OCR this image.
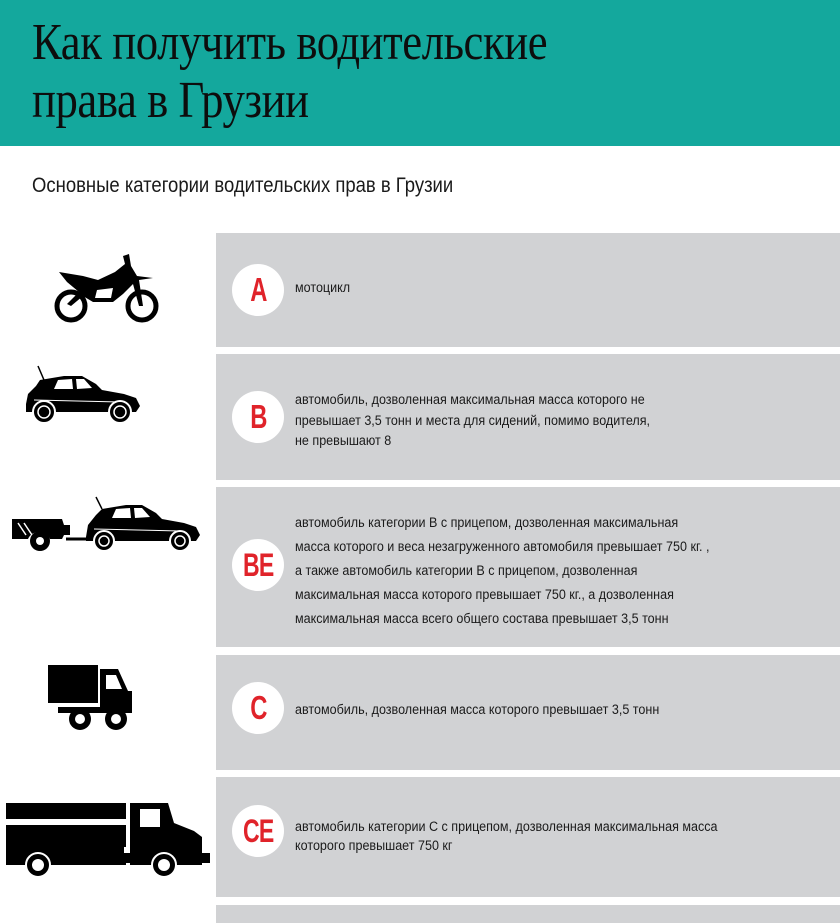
Как получить водительские
права в Грузии
Основные категории водительских прав в Грузии
A мотоцикл
B автомобиль, дозволенная максимальная масса которого не
превышает 3,5 тонн и места для сидений, помимо водителя,
не превышают 8
BE
автомобиль категории B с прицепом, дозволенная максимальная
масса которого и веса незагруженного автомобиля превышает 750 кг. ,
а также автомобиль категории B с прицепом, дозволенная
максимальная масса которого превышает 750 кг., а дозволенная
максимальная масса всего общего состава превышает 3,5 тонн
C автомобиль, дозволенная масса которого превышает 3,5 тонн
CE автомобиль категории C с прицепом, дозволенная максимальная масса
которого превышает 750 кг
